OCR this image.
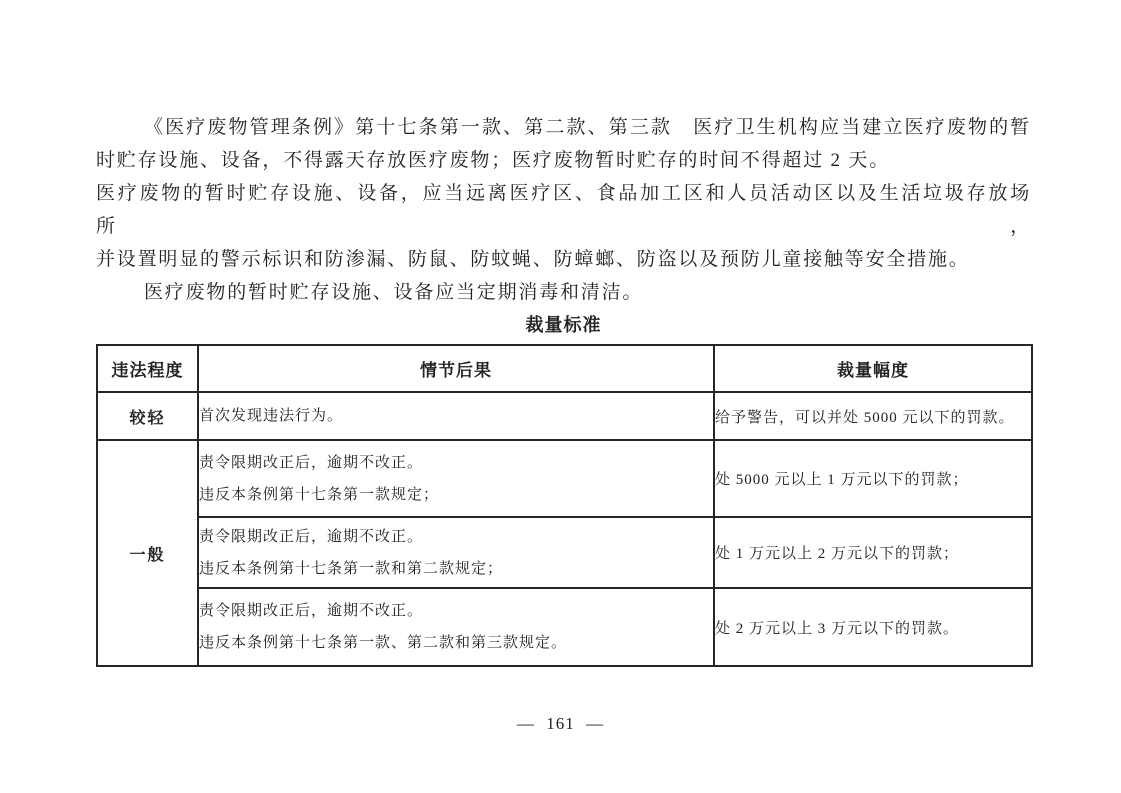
《医疗废物管理条例》第十七条第一款、第二款、第三款　医疗卫生机构应当建立医疗废物的暂
时贮存设施、设备，不得露天存放医疗废物；医疗废物暂时贮存的时间不得超过 2 天。
医疗废物的暂时贮存设施、设备，应当远离医疗区、食品加工区和人员活动区以及生活垃圾存放场所，
并设置明显的警示标识和防渗漏、防鼠、防蚊蝇、防蟑螂、防盗以及预防儿童接触等安全措施。
医疗废物的暂时贮存设施、设备应当定期消毒和清洁。
裁量标准
违法程度	情节后果	裁量幅度
较轻	首次发现违法行为。	给予警告，可以并处 5000 元以下的罚款。
一般	责令限期改正后，逾期不改正。
违反本条例第十七条第一款规定；	处 5000 元以上 1 万元以下的罚款；

	责令限期改正后，逾期不改正。
违反本条例第十七条第一款和第二款规定；	处 1 万元以上 2 万元以下的罚款；

	责令限期改正后，逾期不改正。
违反本条例第十七条第一款、第二款和第三款规定。	处 2 万元以上 3 万元以下的罚款。
— 161 —
